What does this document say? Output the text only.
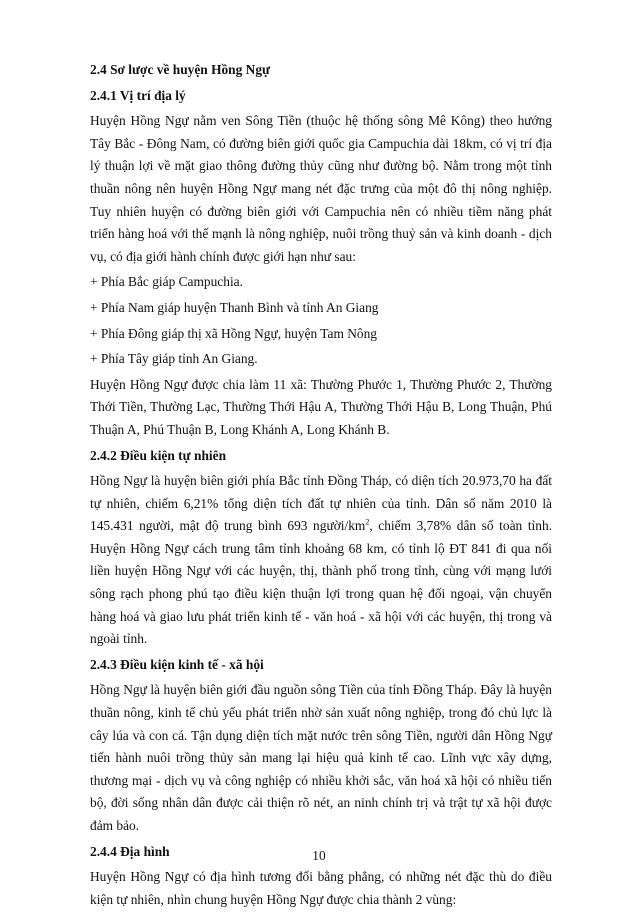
2.4 Sơ lược về huyện Hồng Ngự
2.4.1 Vị trí địa lý
Huyện Hồng Ngự nằm ven Sông Tiền (thuộc hệ thống sông Mê Kông) theo hướng Tây Bắc - Đông Nam, có đường biên giới quốc gia Campuchia dài 18km, có vị trí địa lý thuận lợi về mặt giao thông đường thủy cũng như đường bộ. Nằm trong một tỉnh thuần nông nên huyện Hồng Ngự mang nét đặc trưng của một đô thị nông nghiệp. Tuy nhiên huyện có đường biên giới với Campuchia nên có nhiều tiềm năng phát triển hàng hoá với thế mạnh là nông nghiệp, nuôi trồng thuỷ sản và kinh doanh - dịch vụ, có địa giới hành chính được giới hạn như sau:
+ Phía Bắc giáp Campuchia.
+ Phía Nam giáp huyện Thanh Bình và tỉnh An Giang
+ Phía Đông giáp thị xã Hồng Ngự, huyện Tam Nông
+ Phía Tây giáp tỉnh An Giang.
Huyện Hồng Ngự được chia làm 11 xã: Thường Phước 1, Thường Phước 2, Thường Thới Tiền, Thường Lạc, Thường Thới Hậu A, Thường Thới Hậu B, Long Thuận, Phú Thuận A, Phú Thuận B, Long Khánh A, Long Khánh B.
2.4.2 Điều kiện tự nhiên
Hồng Ngự là huyện biên giới phía Bắc tỉnh Đồng Tháp, có diện tích 20.973,70 ha đất tự nhiên, chiếm 6,21% tổng diện tích đất tự nhiên của tỉnh. Dân số năm 2010 là 145.431 người, mật độ trung bình 693 người/$km^2$, chiếm 3,78% dân số toàn tỉnh. Huyện Hồng Ngự cách trung tâm tỉnh khoảng 68 km, có tỉnh lộ ĐT 841 đi qua nối liền huyện Hồng Ngự với các huyện, thị, thành phố trong tỉnh, cùng với mạng lưới sông rạch phong phú tạo điều kiện thuận lợi trong quan hệ đối ngoại, vận chuyển hàng hoá và giao lưu phát triển kinh tế - văn hoá - xã hội với các huyện, thị trong và ngoài tỉnh.
2.4.3 Điều kiện kinh tế - xã hội
Hồng Ngự là huyện biên giới đầu nguồn sông Tiền của tỉnh Đồng Tháp. Đây là huyện thuần nông, kinh tế chủ yếu phát triển nhờ sản xuất nông nghiệp, trong đó chủ lực là cây lúa và con cá. Tận dụng diện tích mặt nước trên sông Tiền, người dân Hồng Ngự tiến hành nuôi trồng thủy sản mang lại hiệu quả kinh tế cao. Lĩnh vực xây dựng, thương mại - dịch vụ và công nghiệp có nhiều khởi sắc, văn hoá xã hội có nhiều tiến bộ, đời sống nhân dân được cải thiện rõ nét, an ninh chính trị và trật tự xã hội được đảm bảo.
2.4.4 Địa hình
Huyện Hồng Ngự có địa hình tương đối bằng phẳng, có những nét đặc thù do điều kiện tự nhiên, nhìn chung huyện Hồng Ngự được chia thành 2 vùng:
10
